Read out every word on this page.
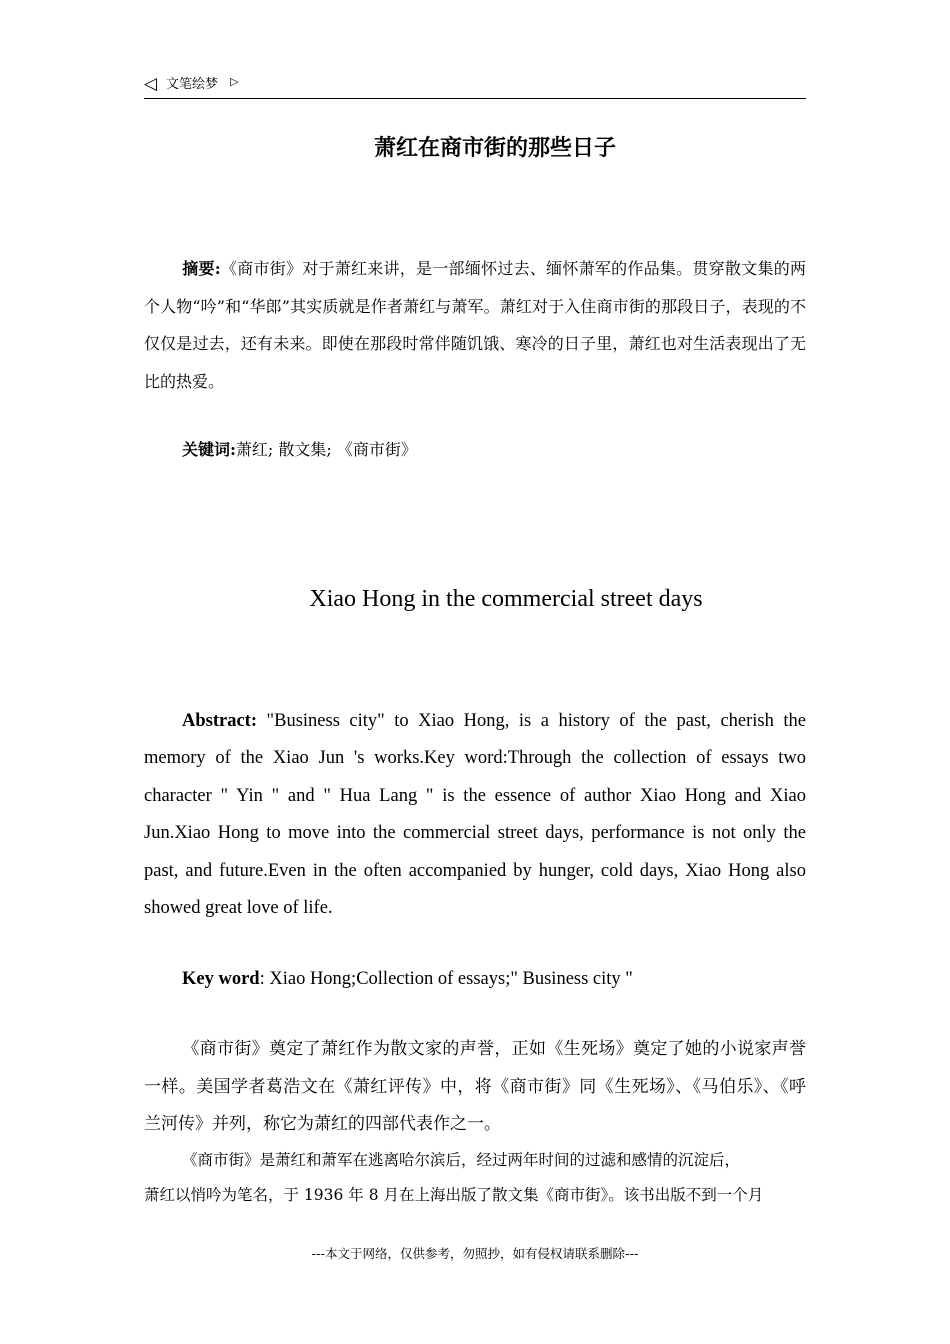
◁ 文笔绘梦 ▷
萧红在商市街的那些日子
摘要:《商市街》对于萧红来讲，是一部缅怀过去、缅怀萧军的作品集。贯穿散文集的两个人物“吟”和“华郎”其实质就是作者萧红与萧军。萧红对于入住商市街的那段日子，表现的不仅仅是过去，还有未来。即使在那段时常伴随饥饿、寒冷的日子里，萧红也对生活表现出了无比的热爱。
关键词:萧红; 散文集; 《商市街》
Xiao Hong in the commercial street days
Abstract: "Business city" to Xiao Hong, is a history of the past, cherish the memory of the Xiao Jun 's works.Key word:Through the collection of essays two character " Yin " and " Hua Lang " is the essence of author Xiao Hong and Xiao Jun.Xiao Hong to move into the commercial street days, performance is not only the past, and future.Even in the often accompanied by hunger, cold days, Xiao Hong also showed great love of life.
Key word: Xiao Hong;Collection of essays;" Business city "
《商市街》奠定了萧红作为散文家的声誉，正如《生死场》奠定了她的小说家声誉一样。美国学者葛浩文在《萧红评传》中，将《商市街》同《生死场》、《马伯乐》、《呼兰河传》并列，称它为萧红的四部代表作之一。
《商市街》是萧红和萧军在逃离哈尔滨后，经过两年时间的过滤和感情的沉淀后，
萧红以悄吟为笔名，于 1936 年 8 月在上海出版了散文集《商市街》。该书出版不到一个月
---本文于网络，仅供参考，勿照抄，如有侵权请联系删除---
